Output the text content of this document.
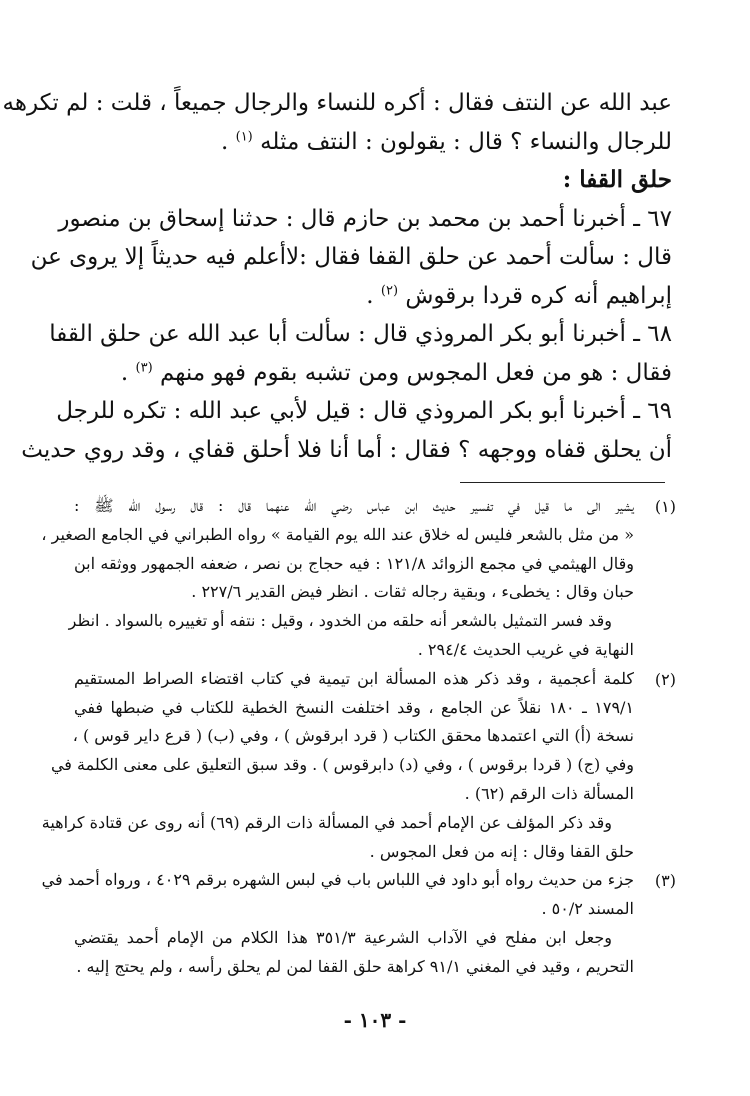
عبد الله عن النتف فقال : أكره للنساء والرجال جميعاً ، قلت : لم تكرهه
للرجال والنساء ؟ قال : يقولون : النتف مثله $^{(١)}$ .
حلق القفا :
٦٧ ـ أخبرنا أحمد بن محمد بن حازم قال : حدثنا إسحاق بن منصور
قال : سألت أحمد عن حلق القفا فقال :لاأعلم فيه حديثاً إلا يروى عن
إبراهيم أنه كره قردا برقوش $^{(٢)}$ .
٦٨ ـ أخبرنا أبو بكر المروذي قال : سألت أبا عبد الله عن حلق القفا
فقال : هو من فعل المجوس ومن تشبه بقوم فهو منهم $^{(٣)}$ .
٦٩ ـ أخبرنا أبو بكر المروذي قال : قيل لأبي عبد الله : تكره للرجل
أن يحلق قفاه ووجهه ؟ فقال : أما أنا فلا أحلق قفاي ، وقد روي حديث
(١)
يشير الى ما قيل في تفسير حديث ابن عباس رضي الله عنهما قال : قال رسول الله ﷺ :
« من مثل بالشعر فليس له خلاق عند الله يوم القيامة » رواه الطبراني في الجامع الصغير ،
وقال الهيثمي في مجمع الزوائد ١٢١/٨ : فيه حجاج بن نصر ، ضعفه الجمهور ووثقه ابن
حبان وقال : يخطىء ، وبقية رجاله ثقات . انظر فيض القدير ٢٢٧/٦ .
وقد فسر التمثيل بالشعر أنه حلقه من الخدود ، وقيل : نتفه أو تغييره بالسواد . انظر
النهاية في غريب الحديث ٢٩٤/٤ .
(٢)
كلمة أعجمية ، وقد ذكر هذه المسألة ابن تيمية في كتاب اقتضاء الصراط المستقيم
١٧٩/١ ـ ١٨٠ نقلاً عن الجامع ، وقد اختلفت النسخ الخطية للكتاب في ضبطها ففي
نسخة (أ) التي اعتمدها محقق الكتاب ( قرد ابرقوش ) ، وفي (ب) ( قرع داير قوس ) ،
وفي (ج) ( قردا برقوس ) ، وفي (د) دابرقوس ) . وقد سبق التعليق على معنى الكلمة في
المسألة ذات الرقم (٦٢) .
وقد ذكر المؤلف عن الإمام أحمد في المسألة ذات الرقم (٦٩) أنه روى عن قتادة كراهية
حلق القفا وقال : إنه من فعل المجوس .
(٣)
جزء من حديث رواه أبو داود في اللباس باب في لبس الشهره برقم ٤٠٢٩ ، ورواه أحمد في
المسند ٥٠/٢ .
وجعل ابن مفلح في الآداب الشرعية ٣٥١/٣ هذا الكلام من الإمام أحمد يقتضي
التحريم ، وقيد في المغني ٩١/١ كراهة حلق القفا لمن لم يحلق رأسه ، ولم يحتج إليه .
- ١٠٣ -
